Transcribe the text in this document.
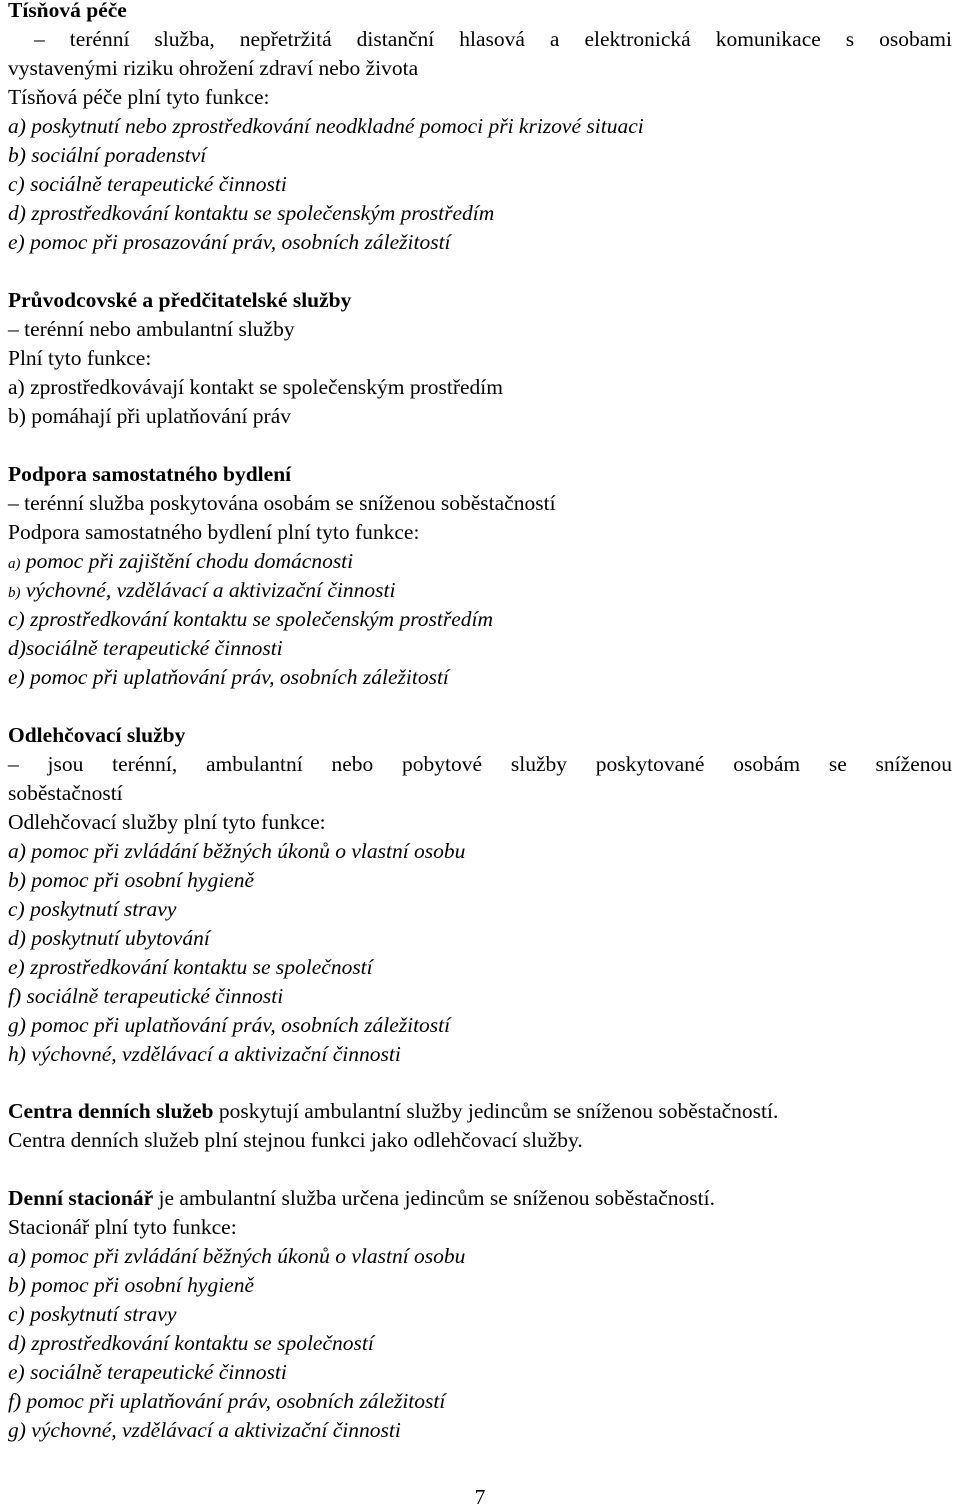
Tísňová péče
– terénní služba, nepřetržitá distanční hlasová a elektronická komunikace s osobami
vystavenými riziku ohrožení zdraví nebo života
Tísňová péče plní tyto funkce:
a) poskytnutí nebo zprostředkování neodkladné pomoci při krizové situaci
b) sociální poradenství
c) sociálně terapeutické činnosti
d) zprostředkování kontaktu se společenským prostředím
e) pomoc při prosazování práv, osobních záležitostí
Průvodcovské a předčitatelské služby
– terénní nebo ambulantní služby
Plní tyto funkce:
a) zprostředkovávají kontakt se společenským prostředím
b) pomáhají při uplatňování práv
Podpora samostatného bydlení
– terénní služba poskytována osobám se sníženou soběstačností
Podpora samostatného bydlení plní tyto funkce:
a) pomoc při zajištění chodu domácnosti
b) výchovné, vzdělávací a aktivizační činnosti
c) zprostředkování kontaktu se společenským prostředím
d)sociálně terapeutické činnosti
e) pomoc při uplatňování práv, osobních záležitostí
Odlehčovací služby
– jsou terénní, ambulantní nebo pobytové služby poskytované osobám se sníženou
soběstačností
Odlehčovací služby plní tyto funkce:
a) pomoc při zvládání běžných úkonů o vlastní osobu
b) pomoc při osobní hygieně
c) poskytnutí stravy
d) poskytnutí ubytování
e) zprostředkování kontaktu se společností
f) sociálně terapeutické činnosti
g) pomoc při uplatňování práv, osobních záležitostí
h) výchovné, vzdělávací a aktivizační činnosti
Centra denních služeb poskytují ambulantní služby jedincům se sníženou soběstačností.
Centra denních služeb plní stejnou funkci jako odlehčovací služby.
Denní stacionář je ambulantní služba určena jedincům se sníženou soběstačností.
Stacionář plní tyto funkce:
a) pomoc při zvládání běžných úkonů o vlastní osobu
b) pomoc při osobní hygieně
c) poskytnutí stravy
d) zprostředkování kontaktu se společností
e) sociálně terapeutické činnosti
f) pomoc při uplatňování práv, osobních záležitostí
g) výchovné, vzdělávací a aktivizační činnosti
7
